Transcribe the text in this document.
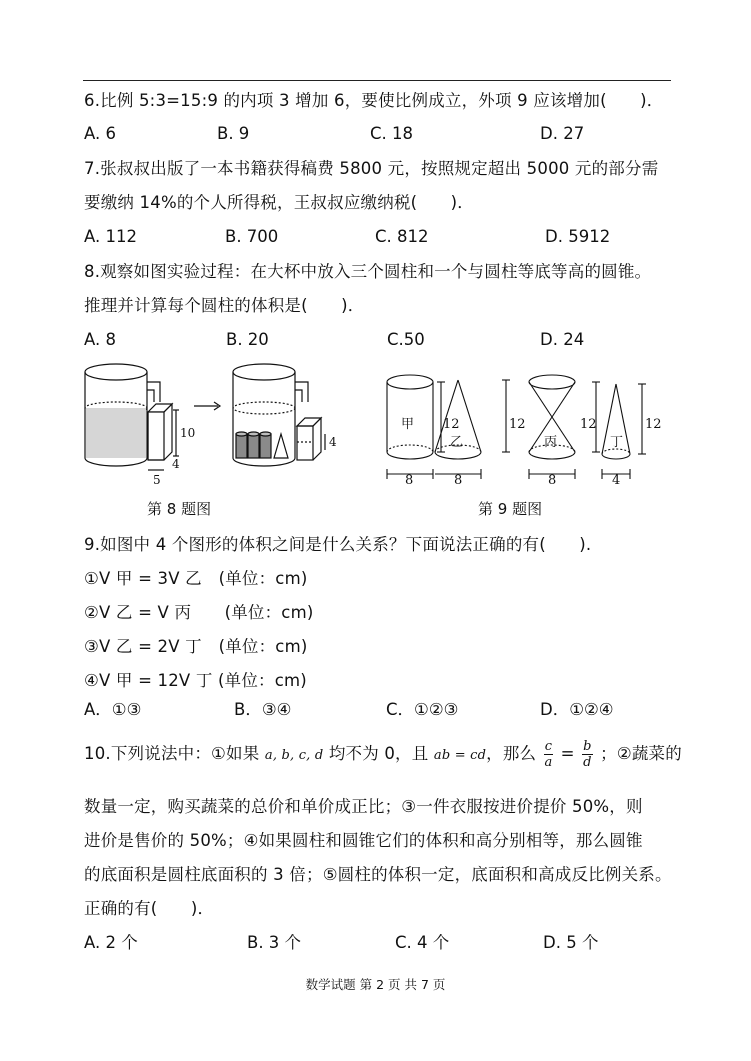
6.比例 5:3=15:9 的内项 3 增加 6，要使比例成立，外项 9 应该增加(　　)．
A. 6	B. 9	C. 18	D. 27
7.张叔叔出版了一本书籍获得稿费 5800 元，按照规定超出 5000 元的部分需
要缴纳 14%的个人所得税，王叔叔应缴纳税(　　)．
A. 112	B. 700	C. 812	D. 5912
8.观察如图实验过程：在大杯中放入三个圆柱和一个与圆柱等底等高的圆锥。
推理并计算每个圆柱的体积是(　　)．
A. 8	B. 20	C.50	D. 24
10
5
4
4
第 8 题图
甲
乙	丙	丁
12	12	12	12
8	8	8	4
第 9 题图
9.如图中 4 个图形的体积之间是什么关系？下面说法正确的有(　　).
①V 甲 = 3V 乙　(单位：cm)
②V 乙 = V 丙　　(单位：cm)
③V 乙 = 2V 丁　(单位：cm)
④V 甲 = 12V 丁 (单位：cm)
A．①③	B．③④	C．①②③	D．①②④
10.下列说法中：①如果 a, b, c, d 均不为 0，且 ab = cd，那么 $\frac{c}{a} = \frac{b}{d}$ ；②蔬菜的
数量一定，购买蔬菜的总价和单价成正比；③一件衣服按进价提价 50%，则
进价是售价的 50%；④如果圆柱和圆锥它们的体积和高分别相等，那么圆锥
的底面积是圆柱底面积的 3 倍；⑤圆柱的体积一定，底面积和高成反比例关系。
正确的有(　　)．
A. 2 个	B. 3 个	C. 4 个	D. 5 个
数学试题 第 2 页 共 7 页
